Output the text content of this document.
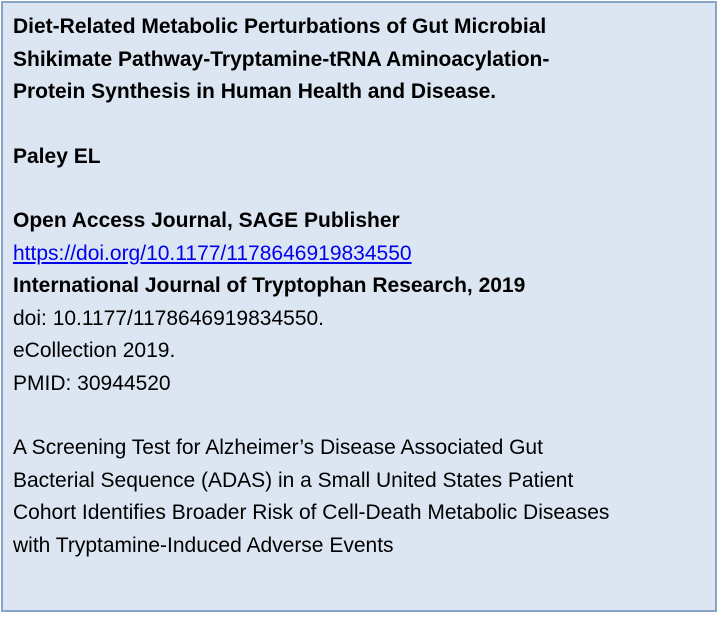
Diet-Related Metabolic Perturbations of Gut Microbial
Shikimate Pathway-Tryptamine-tRNA Aminoacylation-
Protein Synthesis in Human Health and Disease.
Paley EL
Open Access Journal, SAGE Publisher
https://doi.org/10.1177/1178646919834550
International Journal of Tryptophan Research, 2019
doi: 10.1177/1178646919834550.
eCollection 2019.
PMID: 30944520
A Screening Test for Alzheimer’s Disease Associated Gut
Bacterial Sequence (ADAS) in a Small United States Patient
Cohort Identifies Broader Risk of Cell-Death Metabolic Diseases
with Tryptamine-Induced Adverse Events
